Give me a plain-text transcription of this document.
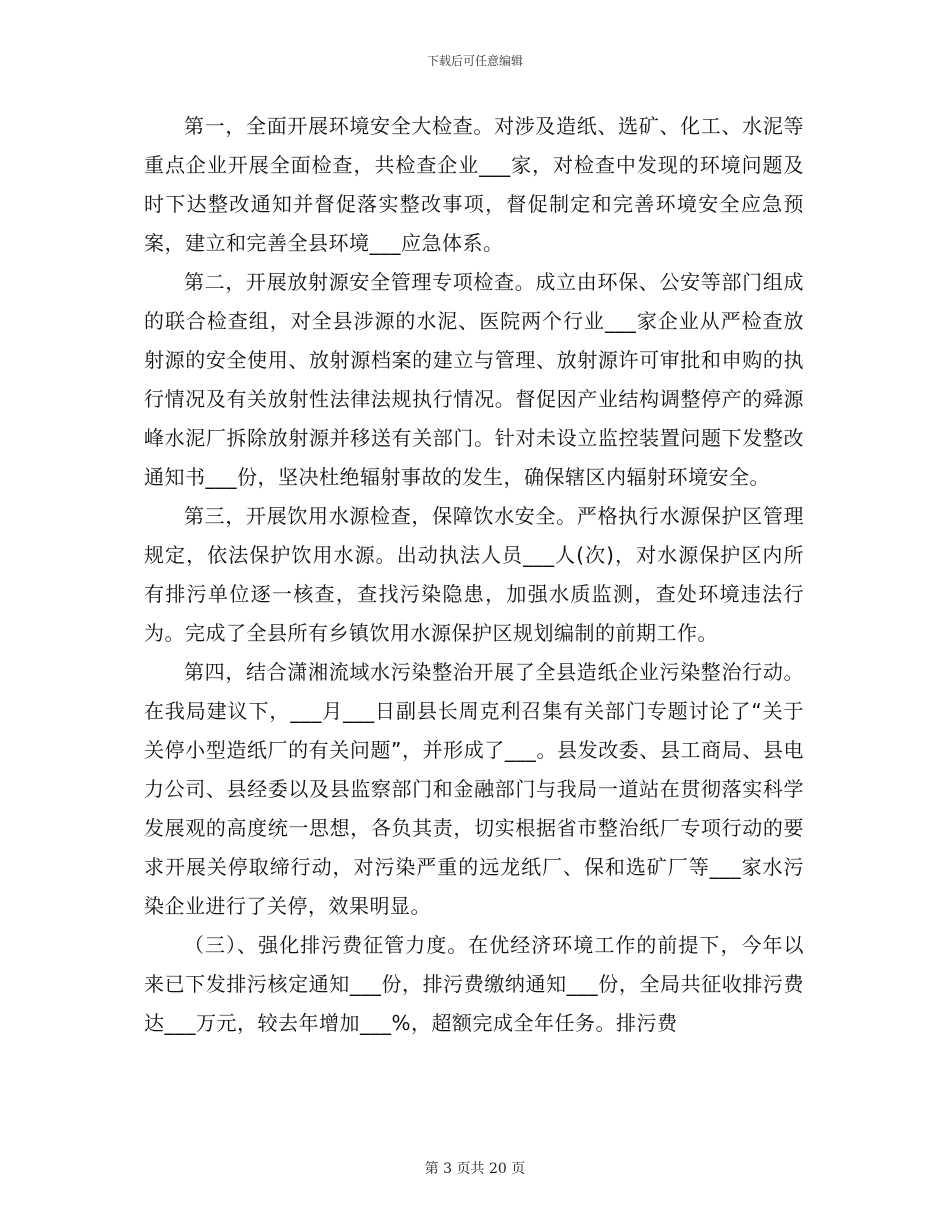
下载后可任意编辑

第一，全面开展环境安全大检查。对涉及造纸、选矿、化工、水泥等重点企业开展全面检查，共检查企业___家，对检查中发现的环境问题及时下达整改通知并督促落实整改事项，督促制定和完善环境安全应急预案，建立和完善全县环境___应急体系。

第二，开展放射源安全管理专项检查。成立由环保、公安等部门组成的联合检查组，对全县涉源的水泥、医院两个行业___家企业从严检查放射源的安全使用、放射源档案的建立与管理、放射源许可审批和申购的执行情况及有关放射性法律法规执行情况。督促因产业结构调整停产的舜源峰水泥厂拆除放射源并移送有关部门。针对未设立监控装置问题下发整改通知书___份，坚决杜绝辐射事故的发生，确保辖区内辐射环境安全。

第三，开展饮用水源检查，保障饮水安全。严格执行水源保护区管理规定，依法保护饮用水源。出动执法人员___人(次)，对水源保护区内所有排污单位逐一核查，查找污染隐患，加强水质监测，查处环境违法行为。完成了全县所有乡镇饮用水源保护区规划编制的前期工作。

第四，结合潇湘流域水污染整治开展了全县造纸企业污染整治行动。在我局建议下，___月___日副县长周克利召集有关部门专题讨论了“关于关停小型造纸厂的有关问题”，并形成了___。县发改委、县工商局、县电力公司、县经委以及县监察部门和金融部门与我局一道站在贯彻落实科学发展观的高度统一思想，各负其责，切实根据省市整治纸厂专项行动的要求开展关停取缔行动，对污染严重的远龙纸厂、保和选矿厂等___家水污染企业进行了关停，效果明显。

（三）、强化排污费征管力度。在优经济环境工作的前提下，今年以来已下发排污核定通知___份，排污费缴纳通知___份，全局共征收排污费达___万元，较去年增加___%，超额完成全年任务。排污费

第 3 页共 20 页
